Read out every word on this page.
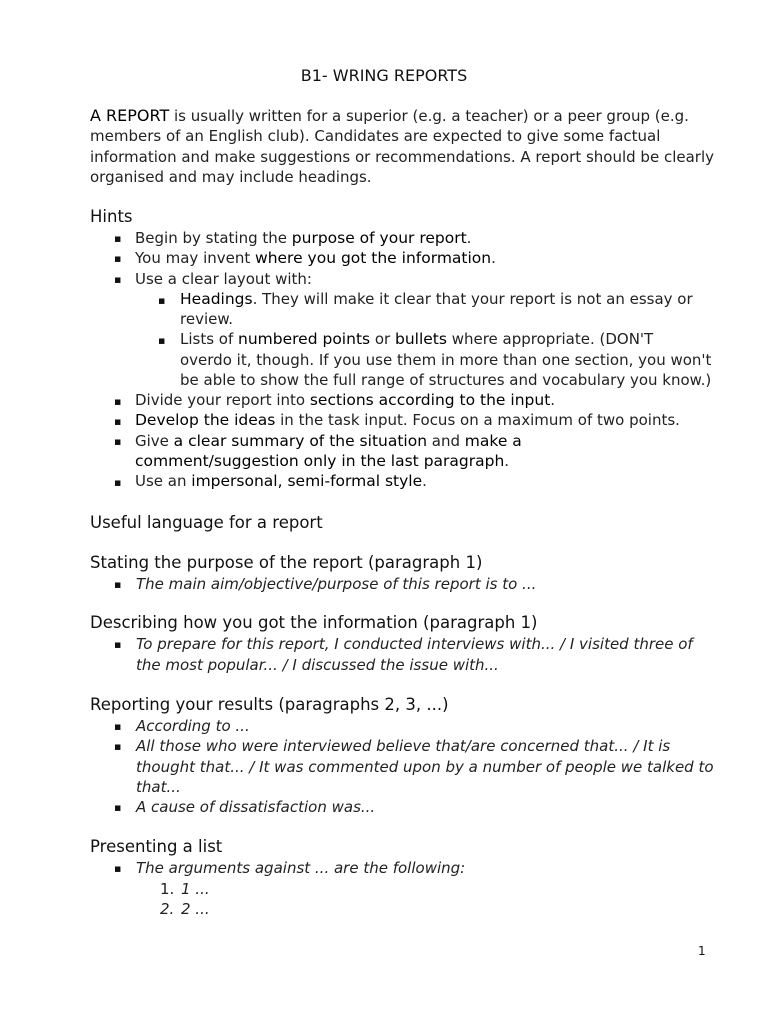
B1- WRING REPORTS
A REPORT is usually written for a superior (e.g. a teacher) or a peer group (e.g.
members of an English club). Candidates are expected to give some factual
information and make suggestions or recommendations. A report should be clearly
organised and may include headings.
Hints
▪ Begin by stating the purpose of your report.
▪ You may invent where you got the information.
▪ Use a clear layout with:
▪ Headings. They will make it clear that your report is not an essay or
review.
▪ Lists of numbered points or bullets where appropriate. (DON'T
overdo it, though. If you use them in more than one section, you won't
be able to show the full range of structures and vocabulary you know.)
▪ Divide your report into sections according to the input.
▪ Develop the ideas in the task input. Focus on a maximum of two points.
▪ Give a clear summary of the situation and make a
comment/suggestion only in the last paragraph.
▪ Use an impersonal, semi-formal style.
Useful language for a report
Stating the purpose of the report (paragraph 1)
▪ The main aim/objective/purpose of this report is to ...
Describing how you got the information (paragraph 1)
▪ To prepare for this report, I conducted interviews with... / I visited three of
the most popular... / I discussed the issue with...
Reporting your results (paragraphs 2, 3, ...)
▪ According to ...
▪ All those who were interviewed believe that/are concerned that... / It is
thought that... / It was commented upon by a number of people we talked to
that...
▪ A cause of dissatisfaction was...
Presenting a list
▪ The arguments against ... are the following:
1. 1 ...
2. 2 ...
1
